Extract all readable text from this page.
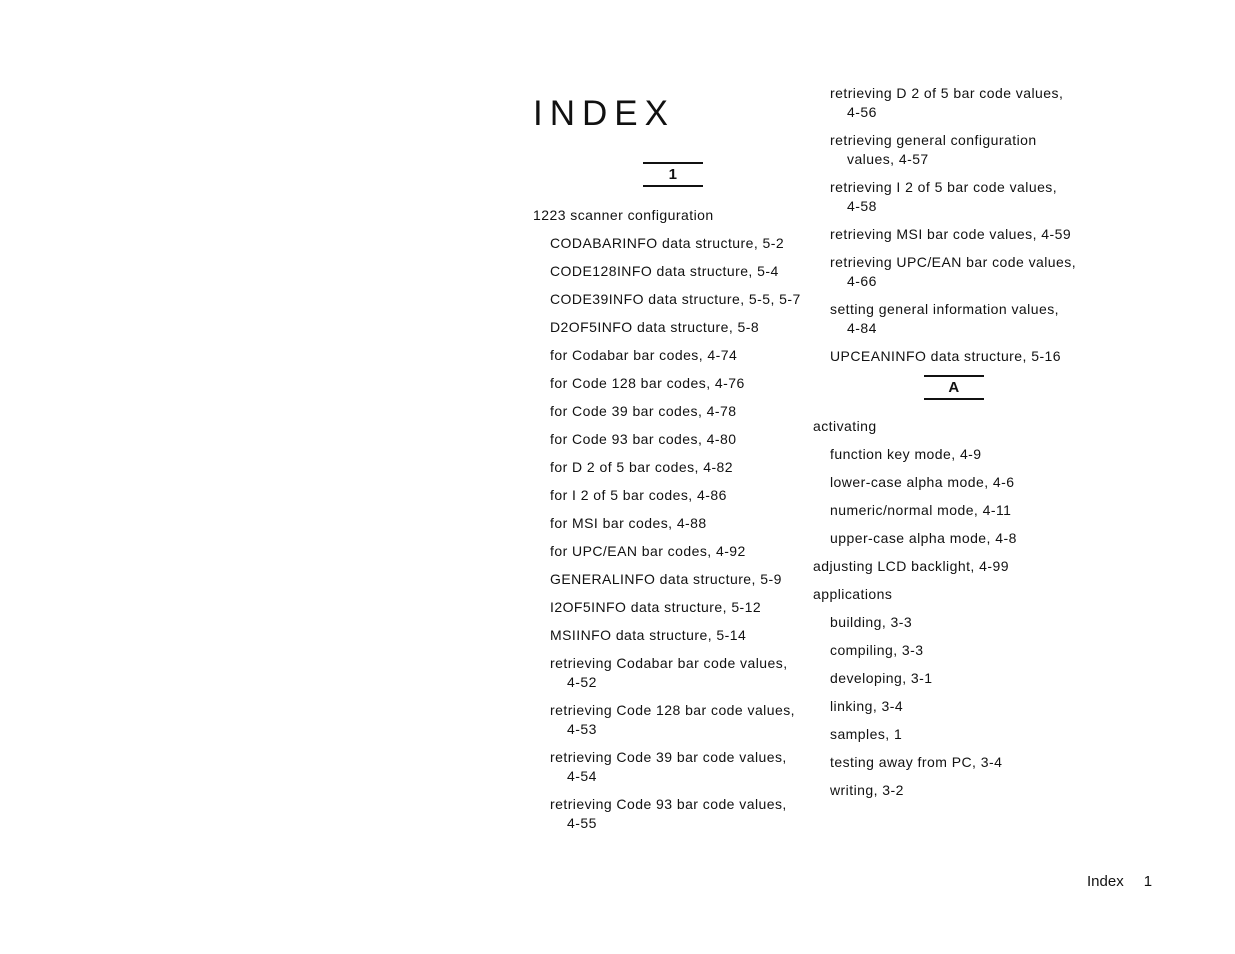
INDEX
1
1223 scanner configuration
CODABARINFO data structure, 5-2
CODE128INFO data structure, 5-4
CODE39INFO data structure, 5-5, 5-7
D2OF5INFO data structure, 5-8
for Codabar bar codes, 4-74
for Code 128 bar codes, 4-76
for Code 39 bar codes, 4-78
for Code 93 bar codes, 4-80
for D 2 of 5 bar codes, 4-82
for I 2 of 5 bar codes, 4-86
for MSI bar codes, 4-88
for UPC/EAN bar codes, 4-92
GENERALINFO data structure, 5-9
I2OF5INFO data structure, 5-12
MSIINFO data structure, 5-14
retrieving Codabar bar code values,
4-52
retrieving Code 128 bar code values,
4-53
retrieving Code 39 bar code values,
4-54
retrieving Code 93 bar code values,
4-55
retrieving D 2 of 5 bar code values,
4-56
retrieving general configuration
values, 4-57
retrieving I 2 of 5 bar code values,
4-58
retrieving MSI bar code values, 4-59
retrieving UPC/EAN bar code values,
4-66
setting general information values,
4-84
UPCEANINFO data structure, 5-16
A
activating
function key mode, 4-9
lower-case alpha mode, 4-6
numeric/normal mode, 4-11
upper-case alpha mode, 4-8
adjusting LCD backlight, 4-99
applications
building, 3-3
compiling, 3-3
developing, 3-1
linking, 3-4
samples, 1
testing away from PC, 3-4
writing, 3-2
Index 1
